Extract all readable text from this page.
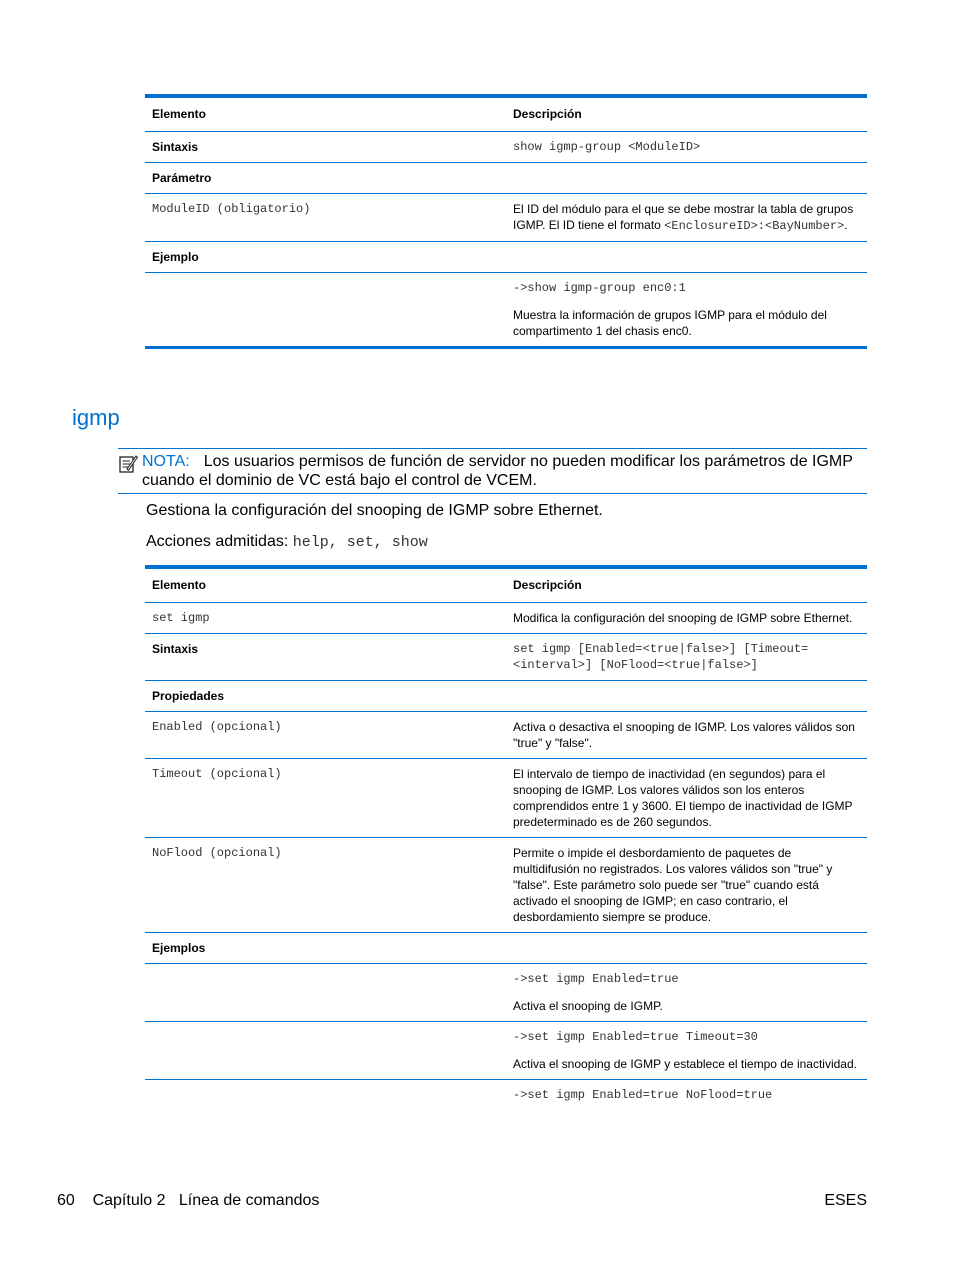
Elemento	Descripción
Sintaxis	show igmp-group <ModuleID>
Parámetro	
ModuleID (obligatorio)	El ID del módulo para el que se debe mostrar la tabla de grupos IGMP. El ID tiene el formato <EnclosureID>:<BayNumber>.
Ejemplo	

	->show igmp-group enc0:1

Muestra la información de grupos IGMP para el módulo del compartimento 1 del chasis enc0.

igmp
NOTA: Los usuarios permisos de función de servidor no pueden modificar los parámetros de IGMP cuando el dominio de VC está bajo el control de VCEM.

Gestiona la configuración del snooping de IGMP sobre Ethernet.

Acciones admitidas: help, set, show

Elemento	Descripción
set igmp	Modifica la configuración del snooping de IGMP sobre Ethernet.
Sintaxis	set igmp [Enabled=<true|false>] [Timeout=<interval>] [NoFlood=<true|false>]
Propiedades	
Enabled (opcional)	Activa o desactiva el snooping de IGMP. Los valores válidos son "true" y "false".
Timeout (opcional)	El intervalo de tiempo de inactividad (en segundos) para el snooping de IGMP. Los valores válidos son los enteros comprendidos entre 1 y 3600. El tiempo de inactividad de IGMP predeterminado es de 260 segundos.
NoFlood (opcional)	Permite o impide el desbordamiento de paquetes de multidifusión no registrados. Los valores válidos son "true" y "false". Este parámetro solo puede ser "true" cuando está activado el snooping de IGMP; en caso contrario, el desbordamiento siempre se produce.
Ejemplos	

	->set igmp Enabled=true

Activa el snooping de IGMP.

	->set igmp Enabled=true Timeout=30

Activa el snooping de IGMP y establece el tiempo de inactividad.

	->set igmp Enabled=true NoFlood=true

60 Capítulo 2   Línea de comandos	ESES
